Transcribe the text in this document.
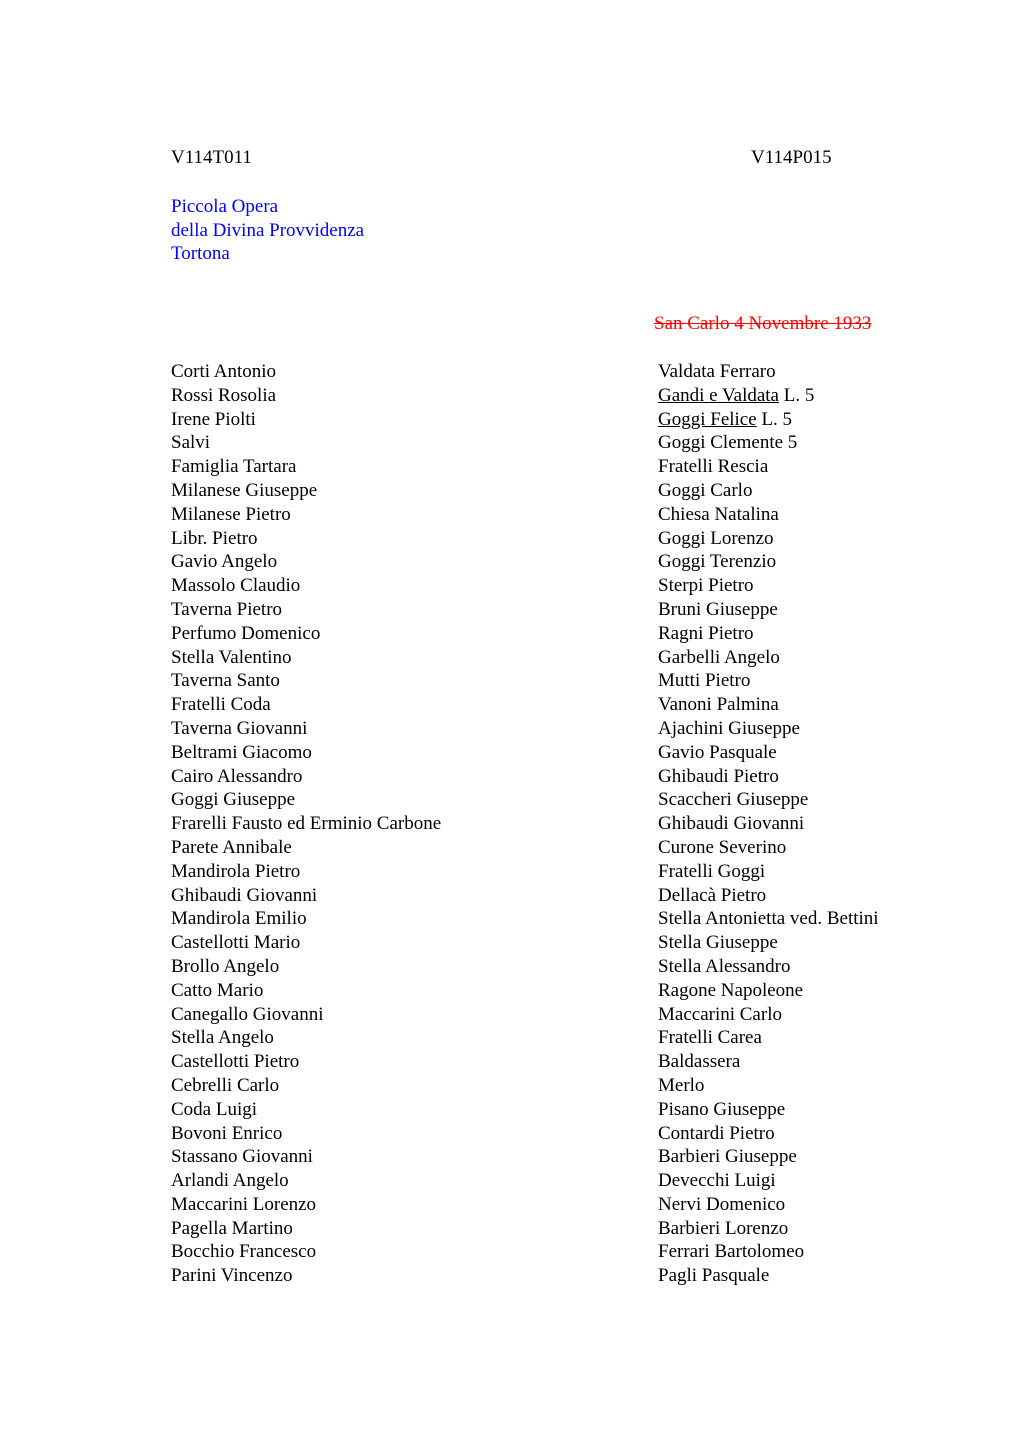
V114T011	V114P015
Piccola Opera
della Divina Provvidenza
Tortona
San Carlo 4 Novembre 1933
Corti Antonio
Rossi Rosolia
Irene Piolti
Salvi
Famiglia Tartara
Milanese Giuseppe
Milanese Pietro
Libr. Pietro
Gavio Angelo
Massolo Claudio
Taverna Pietro
Perfumo Domenico
Stella Valentino
Taverna Santo
Fratelli Coda
Taverna Giovanni
Beltrami Giacomo
Cairo Alessandro
Goggi Giuseppe
Frarelli Fausto ed Erminio Carbone
Parete Annibale
Mandirola Pietro
Ghibaudi Giovanni
Mandirola Emilio
Castellotti Mario
Brollo Angelo
Catto Mario
Canegallo Giovanni
Stella Angelo
Castellotti Pietro
Cebrelli Carlo
Coda Luigi
Bovoni Enrico
Stassano Giovanni
Arlandi Angelo
Maccarini Lorenzo
Pagella Martino
Bocchio Francesco
Parini Vincenzo
Valdata Ferraro
Gandi e Valdata L. 5
Goggi Felice L. 5
Goggi Clemente 5
Fratelli Rescia
Goggi Carlo
Chiesa Natalina
Goggi Lorenzo
Goggi Terenzio
Sterpi Pietro
Bruni Giuseppe
Ragni Pietro
Garbelli Angelo
Mutti Pietro
Vanoni Palmina
Ajachini Giuseppe
Gavio Pasquale
Ghibaudi Pietro
Scaccheri Giuseppe
Ghibaudi Giovanni
Curone Severino
Fratelli Goggi
Dellacà Pietro
Stella Antonietta ved. Bettini
Stella Giuseppe
Stella Alessandro
Ragone Napoleone
Maccarini Carlo
Fratelli Carea
Baldassera
Merlo
Pisano Giuseppe
Contardi Pietro
Barbieri Giuseppe
Devecchi Luigi
Nervi Domenico
Barbieri Lorenzo
Ferrari Bartolomeo
Pagli Pasquale
